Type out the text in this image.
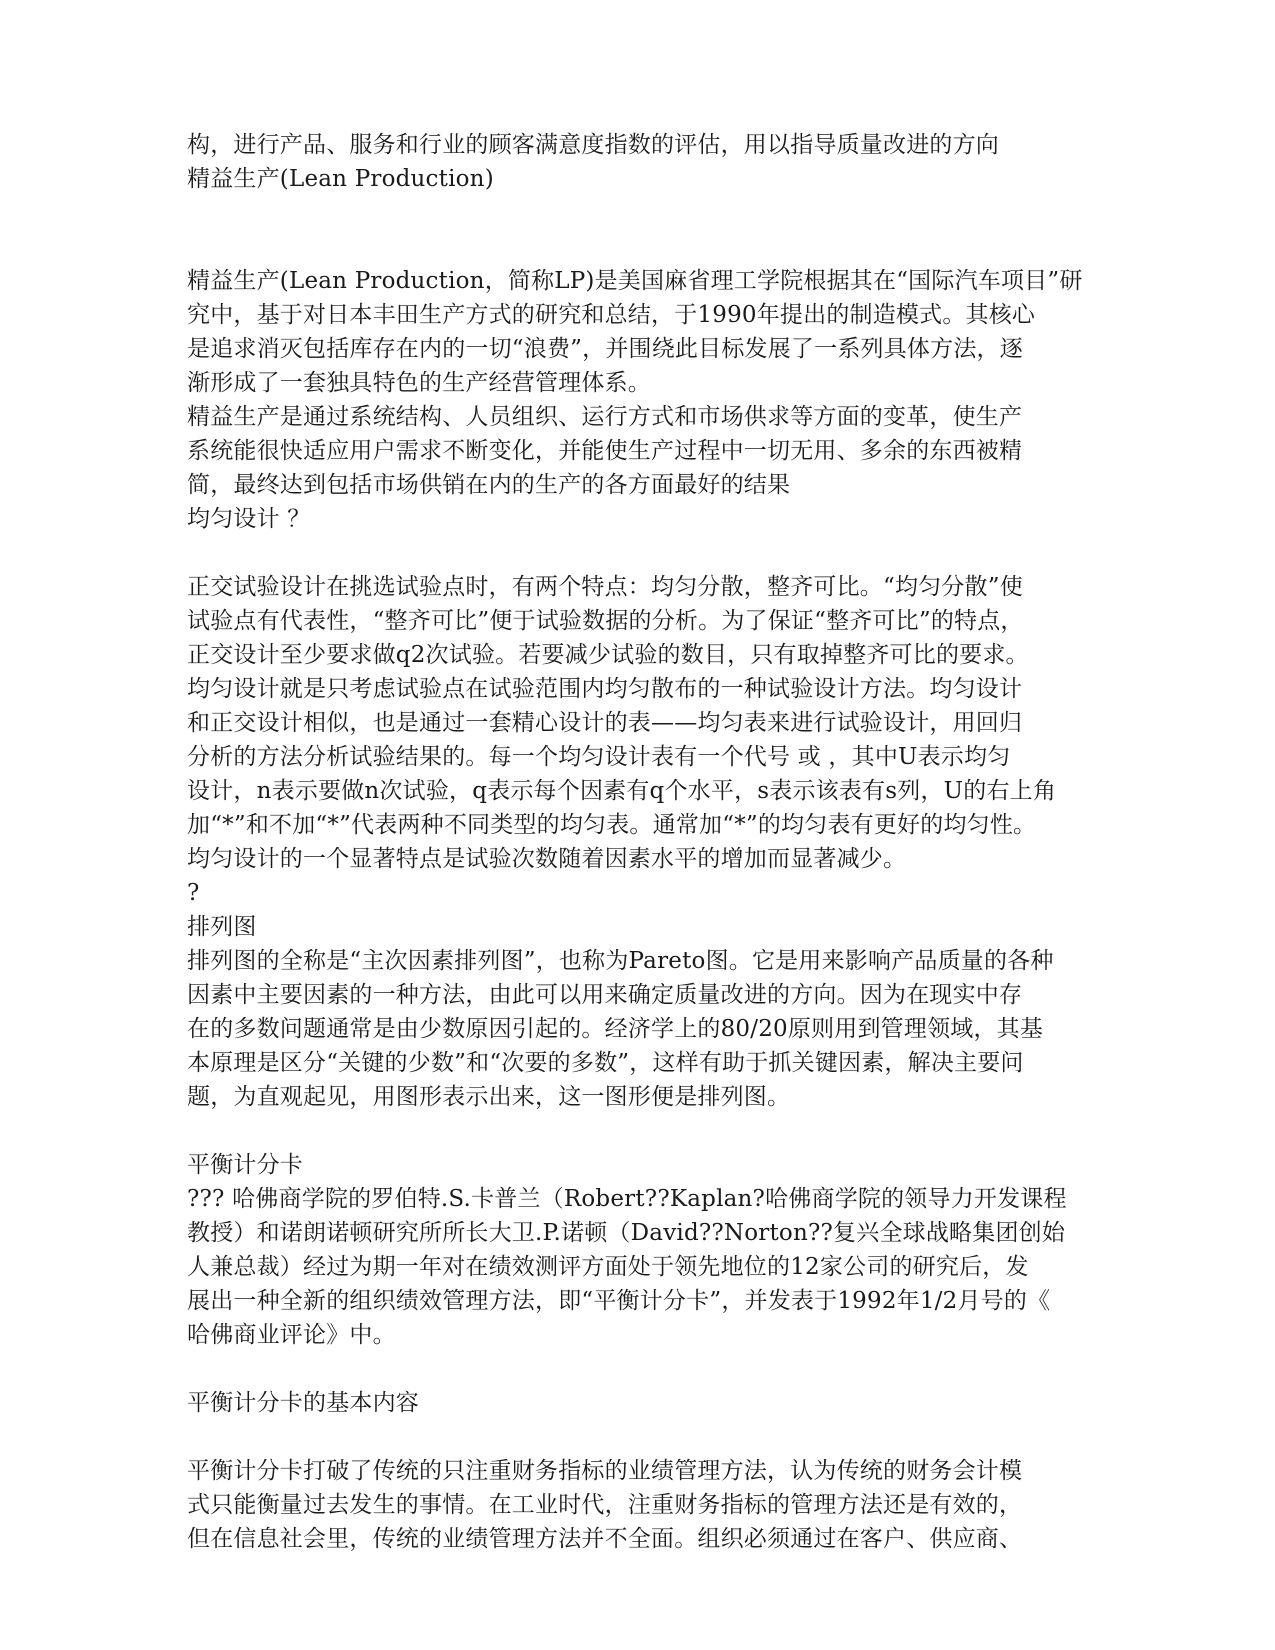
构，进行产品、服务和行业的顾客满意度指数的评估，用以指导质量改进的方向
精益生产(Lean Production)
精益生产(Lean Production，简称LP)是美国麻省理工学院根据其在“国际汽车项目”研
究中，基于对日本丰田生产方式的研究和总结，于1990年提出的制造模式。其核心
是追求消灭包括库存在内的一切“浪费”，并围绕此目标发展了一系列具体方法，逐
渐形成了一套独具特色的生产经营管理体系。
精益生产是通过系统结构、人员组织、运行方式和市场供求等方面的变革，使生产
系统能很快适应用户需求不断变化，并能使生产过程中一切无用、多余的东西被精
简，最终达到包括市场供销在内的生产的各方面最好的结果
均匀设计 ？
正交试验设计在挑选试验点时，有两个特点：均匀分散，整齐可比。“均匀分散”使
试验点有代表性，“整齐可比”便于试验数据的分析。为了保证“整齐可比”的特点，
正交设计至少要求做q2次试验。若要减少试验的数目，只有取掉整齐可比的要求。
均匀设计就是只考虑试验点在试验范围内均匀散布的一种试验设计方法。均匀设计
和正交设计相似，也是通过一套精心设计的表——均匀表来进行试验设计，用回归
分析的方法分析试验结果的。每一个均匀设计表有一个代号 或 ，其中U表示均匀
设计，n表示要做n次试验，q表示每个因素有q个水平，s表示该表有s列，U的右上角
加“*”和不加“*”代表两种不同类型的均匀表。通常加“*”的均匀表有更好的均匀性。
均匀设计的一个显著特点是试验次数随着因素水平的增加而显著减少。
?
排列图
排列图的全称是“主次因素排列图”，也称为Pareto图。它是用来影响产品质量的各种
因素中主要因素的一种方法，由此可以用来确定质量改进的方向。因为在现实中存
在的多数问题通常是由少数原因引起的。经济学上的80/20原则用到管理领域，其基
本原理是区分“关键的少数”和“次要的多数”，这样有助于抓关键因素，解决主要问
题，为直观起见，用图形表示出来，这一图形便是排列图。
平衡计分卡
??? 哈佛商学院的罗伯特.S.卡普兰（Robert??Kaplan?哈佛商学院的领导力开发课程
教授）和诺朗诺顿研究所所长大卫.P.诺顿（David??Norton??复兴全球战略集团创始
人兼总裁）经过为期一年对在绩效测评方面处于领先地位的12家公司的研究后，发
展出一种全新的组织绩效管理方法，即“平衡计分卡”，并发表于1992年1/2月号的《
哈佛商业评论》中。
平衡计分卡的基本内容
平衡计分卡打破了传统的只注重财务指标的业绩管理方法，认为传统的财务会计模
式只能衡量过去发生的事情。在工业时代，注重财务指标的管理方法还是有效的，
但在信息社会里，传统的业绩管理方法并不全面。组织必须通过在客户、供应商、
